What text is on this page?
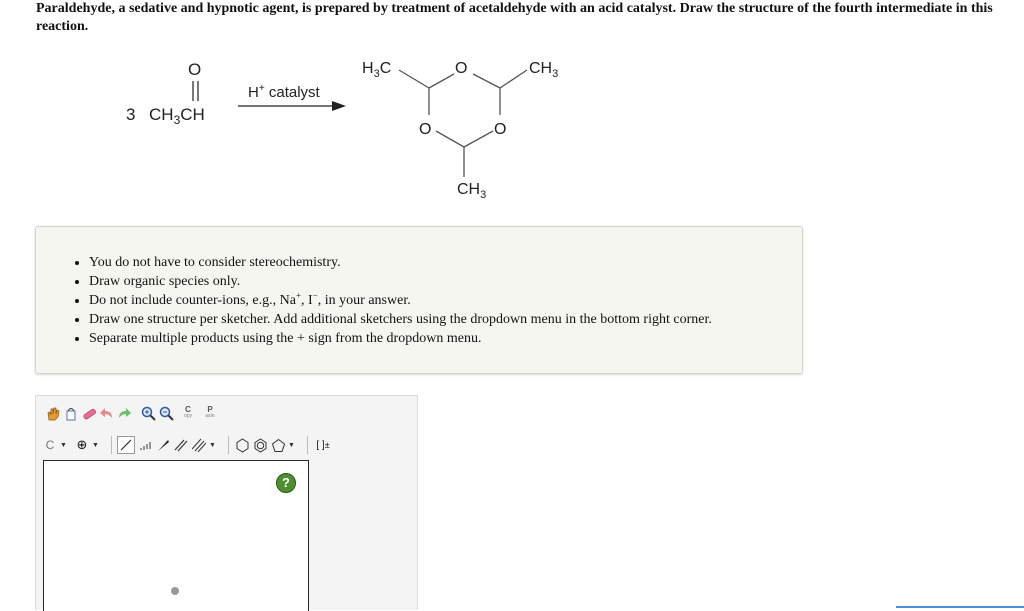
Paraldehyde, a sedative and hypnotic agent, is prepared by treatment of acetaldehyde with an acid catalyst. Draw the structure of the fourth intermediate in this reaction.
3 $CH_3CH$
O
H+ catalyst
$H_3C$	O	$CH_3$
O	O
$CH_3$
• You do not have to consider stereochemistry.
• Draw organic species only.
• Do not include counter-ions, e.g., Na+, I−, in your answer.
• Draw one structure per sketcher. Add additional sketchers using the dropdown menu in the bottom right corner.
• Separate multiple products using the + sign from the dropdown menu.
C
opy
P
aste
C ▼ ⊕ ▼	▼	▼ [ ] ±
?
